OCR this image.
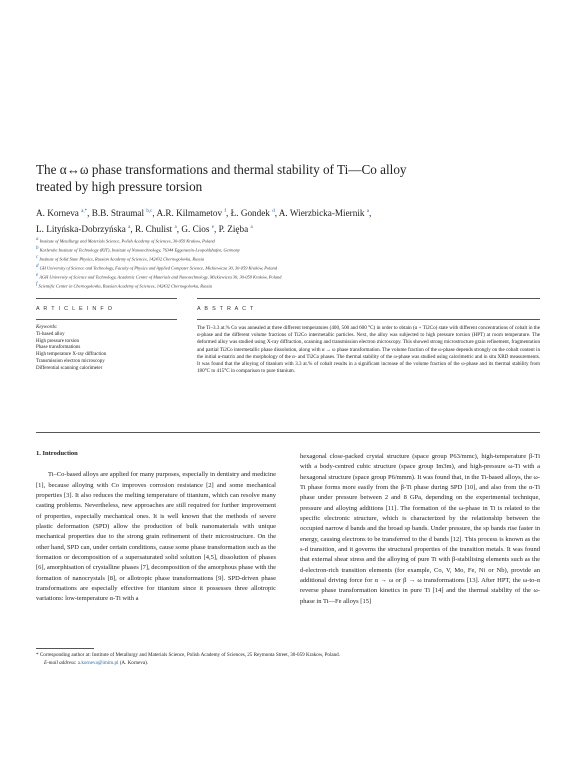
The α↔ω phase transformations and thermal stability of Ti—Co alloy
treated by high pressure torsion
A. Korneva $^{a,*}$, B.B. Straumal $^{b,c}$, A.R. Kilmametov $^f$, Ł. Gondek $^d$, A. Wierzbicka-Miernik $^a$,
L. Lityńska-Dobrzyńska $^a$, R. Chulist $^a$, G. Cios $^e$, P. Zięba $^a$
$^a$ Institute of Metallurgy and Materials Science, Polish Academy of Sciences, 30-059 Krakow, Poland
$^b$ Karlsruhe Institute of Technology (KIT), Institute of Nanotechnology, 76344 Eggenstein-Leopoldshafen, Germany
$^c$ Institute of Solid State Physics, Russian Academy of Sciences, 142432 Chernogolovka, Russia
$^d$ GH University of Science and Technology, Faculty of Physics and Applied Computer Science, Mickiewicza 30, 30-059 Kraków, Poland
$^e$ AGH University of Science and Technology, Academic Centre of Materials and Nanotechnology, Mickiewicza 30, 30-059 Kraków, Poland
$^f$ Scientific Center in Chernogolovka, Russian Academy of Sciences, 142432 Chernogolovka, Russia
A R T I C L E I N F O	A B S T R A C T
Keywords:
Ti-based alloy
High pressure torsion
Phase transformations
High temperature X-ray diffraction
Transmission electron microscopy
Differential scanning calorimeter
The Ti–3.3 at.% Co was annealed at three different temperatures (400, 500 and 600 °C) in order to obtain (α + Ti2Co) state with different concentrations of cobalt in the α-phase and the different volume fractions of Ti2Co intermetallic particles. Next, the alloy was subjected to high pressure torsion (HPT) at room temperature. The deformed alloy was studied using X-ray diffraction, scanning and transmission electron microscopy. This showed strong microstructure grain refinement, fragmentation and partial Ti2Co intermetallic phase dissolution, along with α → ω phase transformation. The volume fraction of the ω-phase depends strongly on the cobalt content in the initial α-matrix and the morphology of the α- and Ti2Co phases. The thermal stability of the ω-phase was studied using calorimetric and in situ XRD measurements. It was found that the alloying of titanium with 3.3 at.% of cobalt results in a significant increase of the volume fraction of the ω-phase and its thermal stability from 180°C to 415°C in comparison to pure titanium.
1. Introduction

Ti–Co-based alloys are applied for many purposes, especially in dentistry and medicine [1], because alloying with Co improves corrosion resistance [2] and some mechanical properties [3]. It also reduces the melting temperature of titanium, which can resolve many casting problems. Nevertheless, new approaches are still required for further improvement of properties, especially mechanical ones. It is well known that the methods of severe plastic deformation (SPD) allow the production of bulk nanomaterials with unique mechanical properties due to the strong grain refinement of their microstructure. On the other hand, SPD can, under certain conditions, cause some phase transformation such as the formation or decomposition of a supersaturated solid solution [4,5], dissolution of phases [6], amorphisation of crystalline phases [7], decomposition of the amorphous phase with the formation of nanocrystals [8], or allotropic phase transformations [9]. SPD-driven phase transformations are especially effective for titanium since it possesses three allotropic variations: low-temperature α-Ti with a

hexagonal close-packed crystal structure (space group P63/mmc), high-temperature β-Ti with a body-centred cubic structure (space group Im3m), and high-pressure ω-Ti with a hexagonal structure (space group P6/mmm). It was found that, in the Ti-based alloys, the ω-Ti phase forms more easily from the β-Ti phase during SPD [10], and also from the α-Ti phase under pressure between 2 and 8 GPa, depending on the experimental technique, pressure and alloying additions [11]. The formation of the ω-phase in Ti is related to the specific electronic structure, which is characterized by the relationship between the occupied narrow d bands and the broad sp bands. Under pressure, the sp bands rise faster in energy, causing electrons to be transferred to the d bands [12]. This process is known as the s-d transition, and it governs the structural properties of the transition metals. It was found that external shear stress and the alloying of pure Ti with β-stabilising elements such as the d-electron-rich transition elements (for example, Co, V, Mo, Fe, Ni or Nb), provide an additional driving force for α → ω or β → ω transformations [13]. After HPT, the ω-to-α reverse phase transformation kinetics in pure Ti [14] and the thermal stability of the ω-phase in Ti—Fe alloys [15]

* Corresponding author at: Institute of Metallurgy and Materials Science, Polish Academy of Sciences, 25 Reymonta Street, 30-059 Krakow, Poland.
E-mail address: a.korneva@imim.pl (A. Korneva).
